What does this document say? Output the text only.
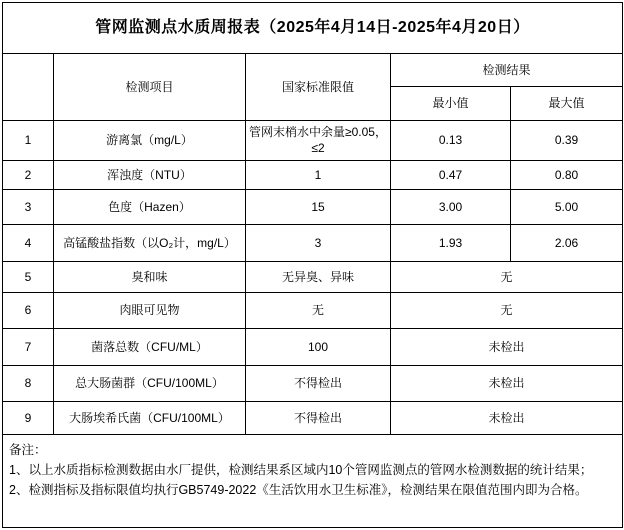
管网监测点水质周报表（2025年4月14日-2025年4月20日）				
	检测项目	国家标准限值	检测结果	
			最小值	最大值
1	游离氯（mg/L）	管网末梢水中余量≥0.05，≤2	0.13	0.39
2	浑浊度（NTU）	1	0.47	0.80
3	色度（Hazen）	15	3.00	5.00
4	高锰酸盐指数（以O₂计，mg/L）	3	1.93	2.06
5	臭和味	无异臭、异味	无	
6	肉眼可见物	无	无	
7	菌落总数（CFU/ML）	100	未检出	
8	总大肠菌群（CFU/100ML）	不得检出	未检出	
9	大肠埃希氏菌（CFU/100ML）	不得检出	未检出	

备注：
1、以上水质指标检测数据由水厂提供，检测结果系区域内10个管网监测点的管网水检测数据的统计结果；
2、检测指标及指标限值均执行GB5749-2022《生活饮用水卫生标准》，检测结果在限值范围内即为合格。				
